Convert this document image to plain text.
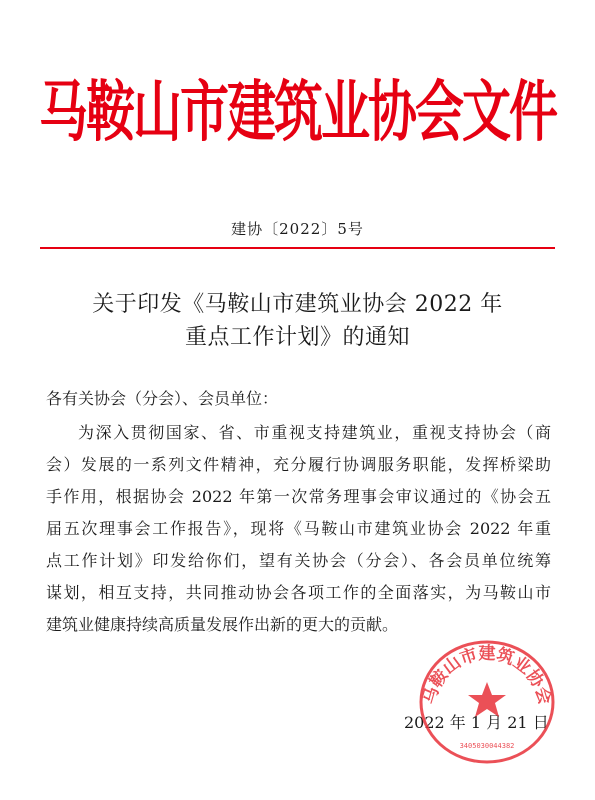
马鞍山市建筑业协会文件
建协〔2022〕5号
关于印发《马鞍山市建筑业协会 2022 年
重点工作计划》的通知
各有关协会（分会）、会员单位：
为深入贯彻国家、省、市重视支持建筑业，重视支持协会（商
会）发展的一系列文件精神，充分履行协调服务职能，发挥桥梁助
手作用，根据协会 2022 年第一次常务理事会审议通过的《协会五
届五次理事会工作报告》，现将《马鞍山市建筑业协会 2022 年重
点工作计划》印发给你们，望有关协会（分会）、各会员单位统筹
谋划，相互支持，共同推动协会各项工作的全面落实，为马鞍山市
建筑业健康持续高质量发展作出新的更大的贡献。
2022 年 1 月 21 日
马鞍山市建筑业协会
3405030044382
